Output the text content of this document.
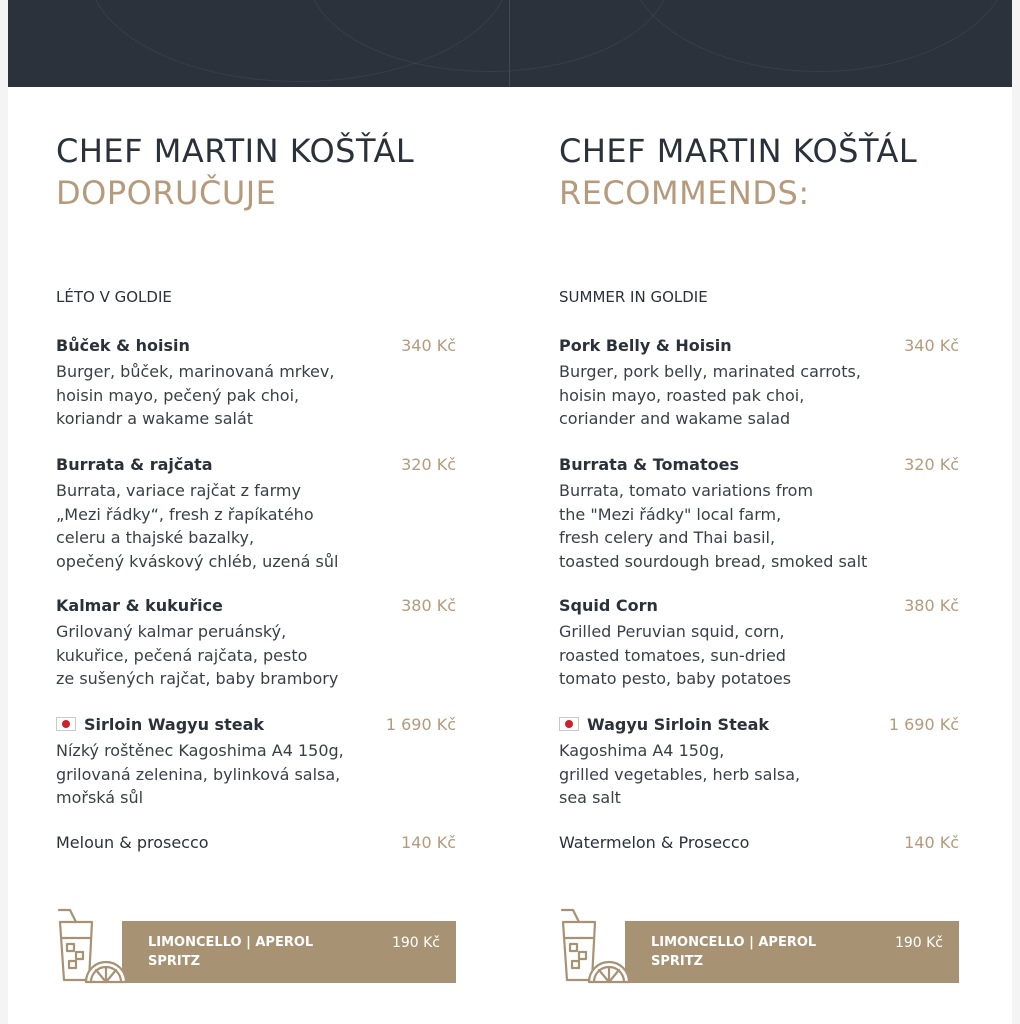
CHEF MARTIN KOŠŤÁL
DOPORUČUJE
LÉTO V GOLDIE
Bůček & hoisin	340 Kč
Burger, bůček, marinovaná mrkev,
hoisin mayo, pečený pak choi,
koriandr a wakame salát
Burrata & rajčata	320 Kč
Burrata, variace rajčat z farmy
„Mezi řádky“, fresh z řapíkatého
celeru a thajské bazalky,
opečený kváskový chléb, uzená sůl
Kalmar & kukuřice	380 Kč
Grilovaný kalmar peruánský,
kukuřice, pečená rajčata, pesto
ze sušených rajčat, baby brambory
Sirloin Wagyu steak	1 690 Kč
Nízký roštěnec Kagoshima A4 150g,
grilovaná zelenina, bylinková salsa,
mořská sůl
Meloun & prosecco	140 Kč
LIMONCELLO | APEROL
SPRITZ
190 Kč
CHEF MARTIN KOŠŤÁL
RECOMMENDS:
SUMMER IN GOLDIE
Pork Belly & Hoisin	340 Kč
Burger, pork belly, marinated carrots,
hoisin mayo, roasted pak choi,
coriander and wakame salad
Burrata & Tomatoes	320 Kč
Burrata, tomato variations from
the "Mezi řádky" local farm,
fresh celery and Thai basil,
toasted sourdough bread, smoked salt
Squid Corn	380 Kč
Grilled Peruvian squid, corn,
roasted tomatoes, sun-dried
tomato pesto, baby potatoes
Wagyu Sirloin Steak	1 690 Kč
Kagoshima A4 150g,
grilled vegetables, herb salsa,
sea salt
Watermelon & Prosecco	140 Kč
LIMONCELLO | APEROL
SPRITZ
190 Kč
